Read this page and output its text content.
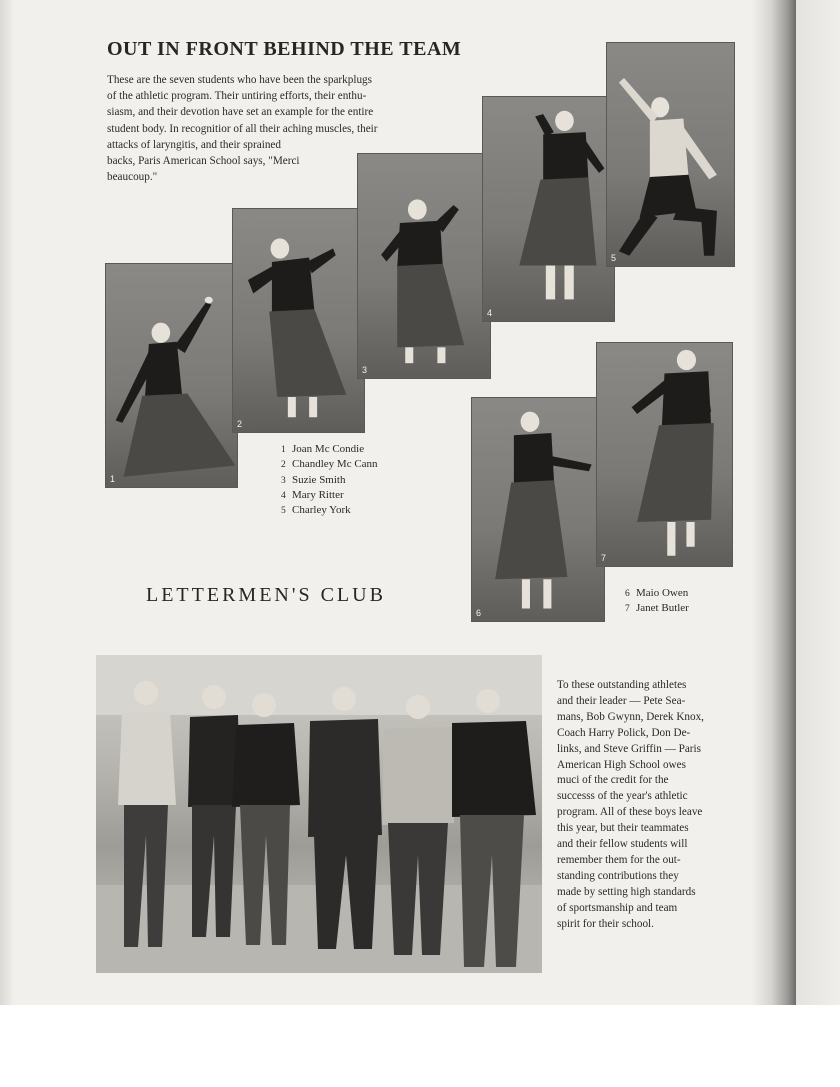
OUT IN FRONT BEHIND THE TEAM

These are the seven students who have been the sparkplugs
of the athletic program. Their untiring efforts, their enthu-
siasm, and their devotion have set an example for the entire
student body. In recognitior of all their aching muscles, their
attacks of laryngitis, and their sprained
backs, Paris American School says, "Merci
beaucoup."

1
2
3
4
5
6
7
1 Joan Mc Condie
2 Chandley Mc Cann
3 Suzie Smith
4 Mary Ritter
5 Charley York
6 Maio Owen
7 Janet Butler
LETTERMEN'S CLUB

To these outstanding athletes
and their leader — Pete Sea-
mans, Bob Gwynn, Derek Knox,
Coach Harry Polick, Don De-
links, and Steve Griffin — Paris
American High School owes
muci of the credit for the
successs of the year's athletic
program. All of these boys leave
this year, but their teammates
and their fellow students will
remember them for the out-
standing contributions they
made by setting high standards
of sportsmanship and team
spirit for their school.
